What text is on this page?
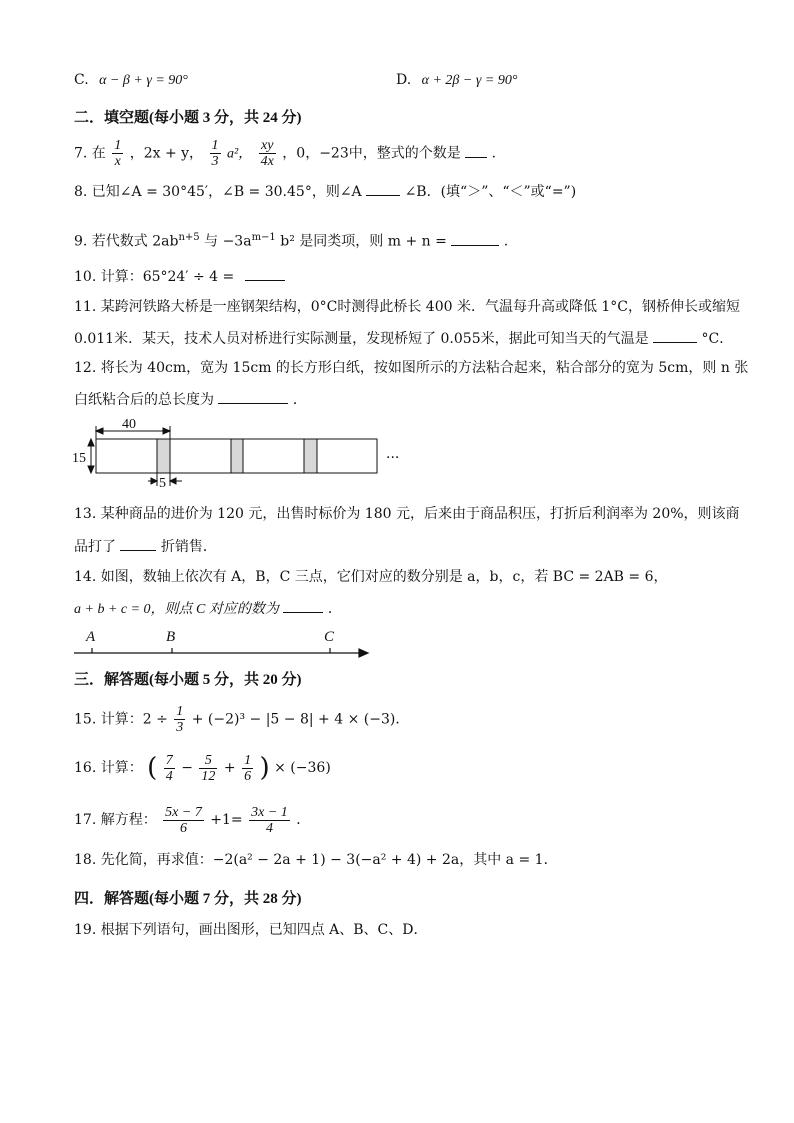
C. α − β + γ = 90°	D. α + 2β − γ = 90°
二．填空题(每小题 3 分，共 24 分)
7. 在 $\frac{1}{x}$ ，2x + y， $\frac{1}{3} a^2$， $\frac{xy}{4x}$ ，0，−23中，整式的个数是 .
8. 已知∠A = 30°45′，∠B = 30.45°，则∠A	∠B．(填“＞”、“＜”或“=”)
9. 若代数式 $2ab^{n+5}$ 与 $-3a^{m-1}$ b² 是同类项，则 m + n =	.
10. 计算：65°24′ ÷ 4 =
11. 某跨河铁路大桥是一座钢架结构，0°C时测得此桥长 400 米．气温每升高或降低 1°C，钢桥伸长或缩短
0.011米．某天，技术人员对桥进行实际测量，发现桥短了 0.055米，据此可知当天的气温是	°C．
12. 将长为 40cm，宽为 15cm 的长方形白纸，按如图所示的方法粘合起来，粘合部分的宽为 5cm，则 n 张
白纸粘合后的总长度为	．
40
15
5
···
13. 某种商品的进价为 120 元，出售时标价为 180 元，后来由于商品积压，打折后利润率为 20%，则该商
品打了	折销售．
14. 如图，数轴上依次有 A，B，C 三点，它们对应的数分别是 a，b，c，若 BC = 2AB = 6，
a + b + c = 0，则点 C 对应的数为	．
A	B	C
三．解答题(每小题 5 分，共 20 分)
15. 计算：$2 \div \frac{1}{3} + (-2)^3 - |5 - 8| + 4 \times (-3)$．
16. 计算： ( $\frac{7}{4} - \frac{5}{12} + \frac{1}{6}$ ) × (−36)
17. 解方程： $\frac{5x - 7}{6} +1= \frac{3x - 1}{4}$ ．
18. 先化简，再求值：−2(a² − 2a + 1) − 3(−a² + 4) + 2a，其中 a = 1．
四．解答题(每小题 7 分，共 28 分)
19. 根据下列语句，画出图形，已知四点 A、B、C、D．
